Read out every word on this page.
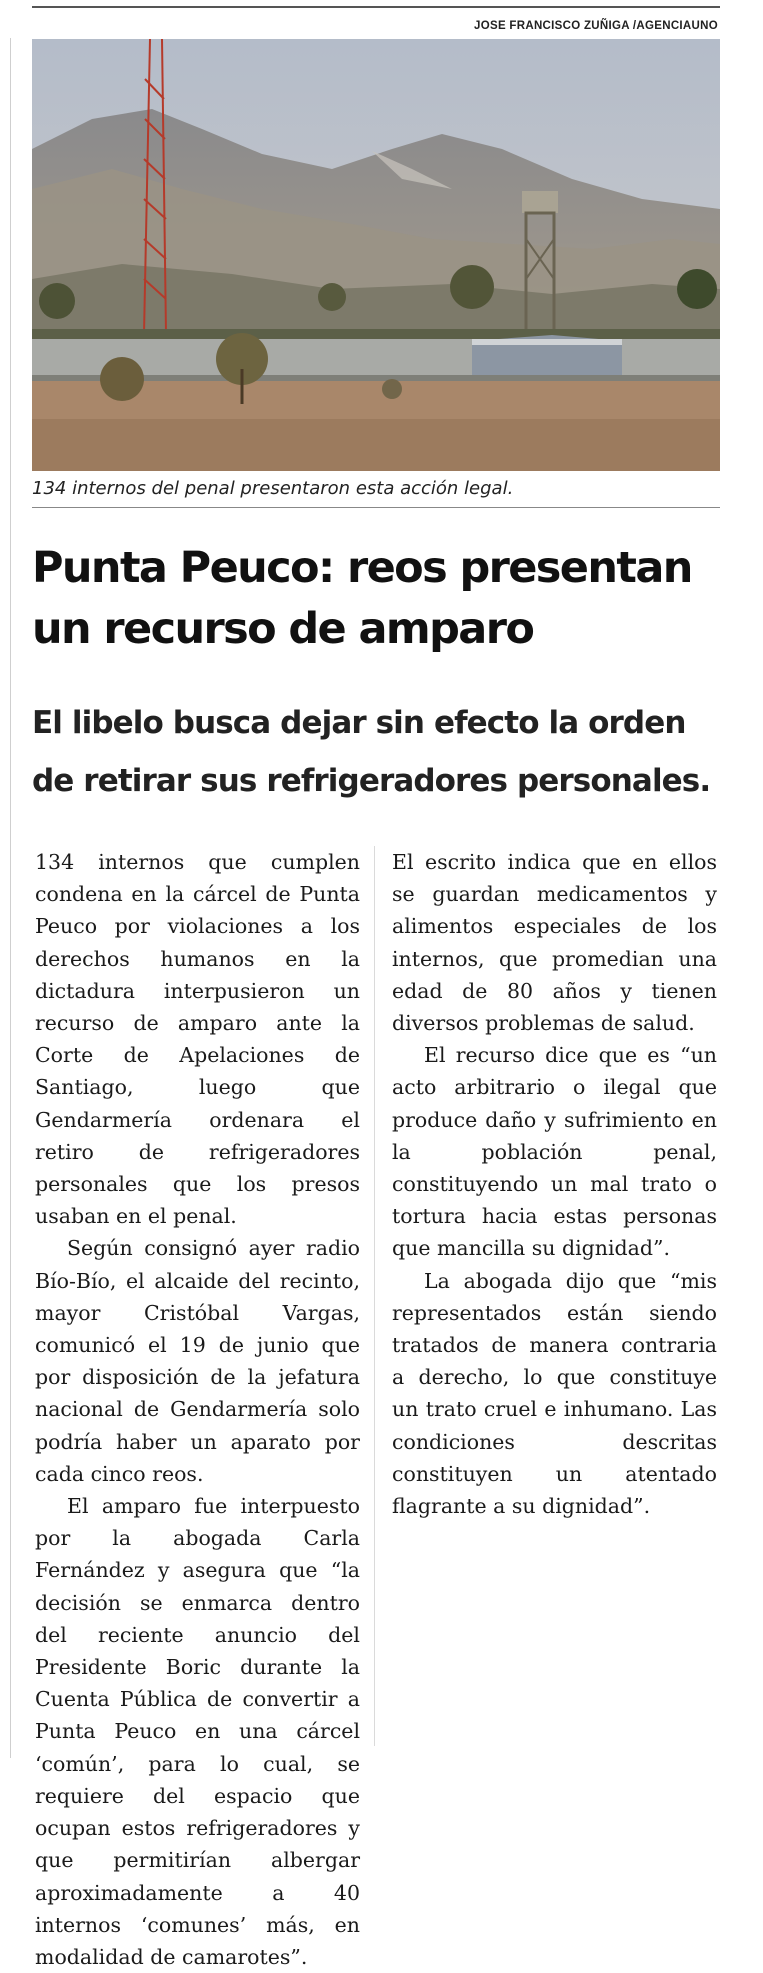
JOSE FRANCISCO ZUÑIGA /AGENCIAUNO
134 internos del penal presentaron esta acción legal.
Punta Peuco: reos presentan un recurso de amparo
El libelo busca dejar sin efecto la orden de retirar sus refrigeradores personales.

134 internos que cumplen condena en la cárcel de Punta Peuco por violaciones a los derechos humanos en la dictadura interpusieron un recurso de amparo ante la Corte de Apelaciones de Santiago, luego que Gendarmería ordenara el retiro de refrigeradores personales que los presos usaban en el penal.

Según consignó ayer radio Bío-Bío, el alcaide del recinto, mayor Cristóbal Vargas, comunicó el 19 de junio que por disposición de la jefatura nacional de Gendarmería solo podría haber un aparato por cada cinco reos.

El amparo fue interpuesto por la abogada Carla Fernández y asegura que “la decisión se enmarca dentro del reciente anuncio del Presidente Boric durante la Cuenta Pública de convertir a Punta Peuco en una cárcel ‘común’, para lo cual, se requiere del espacio que ocupan estos refrigeradores y que permitirían albergar aproximadamente a 40 internos ‘comunes’ más, en modalidad de camarotes”.

El escrito indica que en ellos se guardan medicamentos y alimentos especiales de los internos, que promedian una edad de 80 años y tienen diversos problemas de salud.

El recurso dice que es “un acto arbitrario o ilegal que produce daño y sufrimiento en la población penal, constituyendo un mal trato o tortura hacia estas personas que mancilla su dignidad”.

La abogada dijo que “mis representados están siendo tratados de manera contraria a derecho, lo que constituye un trato cruel e inhumano. Las condiciones descritas constituyen un atentado flagrante a su dignidad”.
